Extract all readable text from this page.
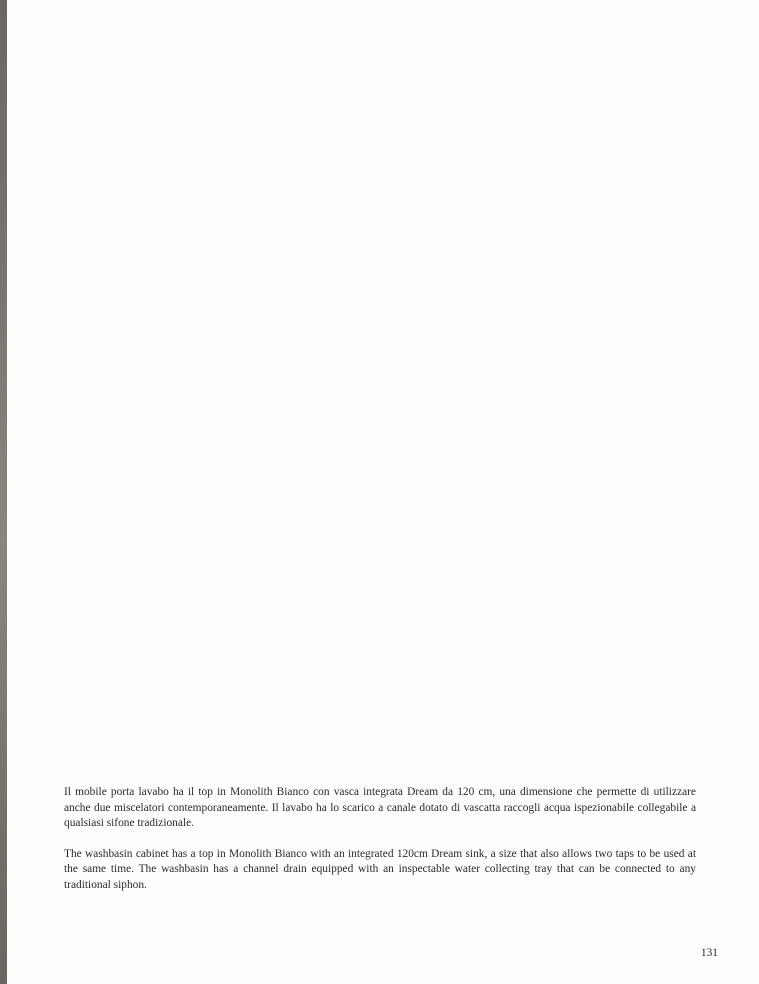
Il mobile porta lavabo ha il top in Monolith Bianco con vasca integrata Dream da 120 cm, una dimensione che permette di utilizzare anche due miscelatori contemporaneamente. Il lavabo ha lo scarico a canale dotato di vascatta raccogli acqua ispezionabile collegabile a qualsiasi sifone tradizionale.

The washbasin cabinet has a top in Monolith Bianco with an integrated 120cm Dream sink, a size that also allows two taps to be used at the same time. The washbasin has a channel drain equipped with an inspectable water collecting tray that can be connected to any traditional siphon.

131
